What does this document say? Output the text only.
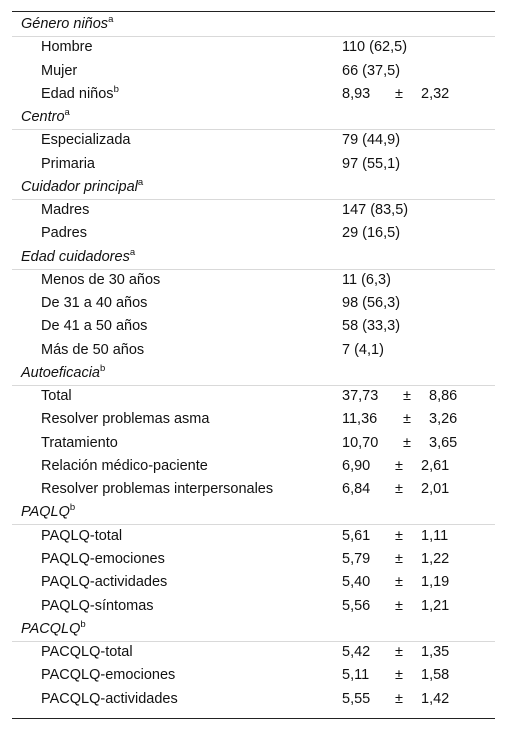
Género niños$^a$
Hombre	110 (62,5)
Mujer	66 (37,5)
Edad niños$^b$	8,93 ± 2,32
Centro$^a$
Especializada	79 (44,9)
Primaria	97 (55,1)
Cuidador principal$^a$
Madres	147 (83,5)
Padres	29 (16,5)
Edad cuidadores$^a$
Menos de 30 años	11 (6,3)
De 31 a 40 años	98 (56,3)
De 41 a 50 años	58 (33,3)
Más de 50 años	7 (4,1)
Autoeficacia$^b$
Total	37,73 ± 8,86
Resolver problemas asma	11,36 ± 3,26
Tratamiento	10,70 ± 3,65
Relación médico-paciente	6,90 ± 2,61
Resolver problemas interpersonales	6,84 ± 2,01
PAQLQ$^b$
PAQLQ-total	5,61 ± 1,11
PAQLQ-emociones	5,79 ± 1,22
PAQLQ-actividades	5,40 ± 1,19
PAQLQ-síntomas	5,56 ± 1,21
PACQLQ$^b$
PACQLQ-total	5,42 ± 1,35
PACQLQ-emociones	5,11 ± 1,58
PACQLQ-actividades	5,55 ± 1,42
